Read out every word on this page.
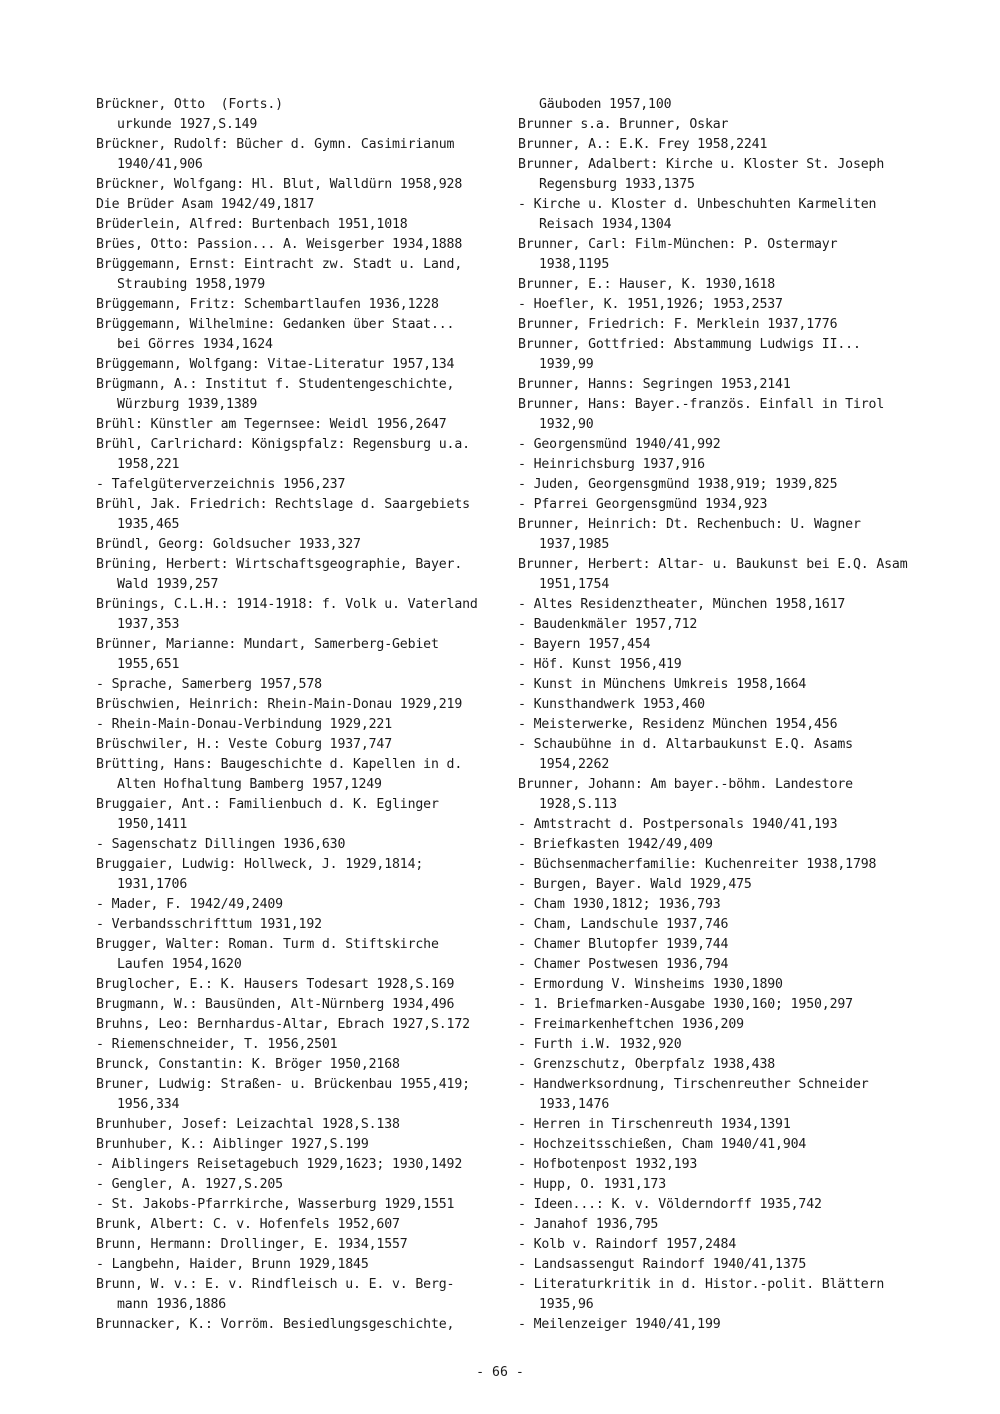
Brückner, Otto  (Forts.)
urkunde 1927,S.149
Brückner, Rudolf: Bücher d. Gymn. Casimirianum
1940/41,906
Brückner, Wolfgang: Hl. Blut, Walldürn 1958,928
Die Brüder Asam 1942/49,1817
Brüderlein, Alfred: Burtenbach 1951,1018
Brües, Otto: Passion... A. Weisgerber 1934,1888
Brüggemann, Ernst: Eintracht zw. Stadt u. Land,
Straubing 1958,1979
Brüggemann, Fritz: Schembartlaufen 1936,1228
Brüggemann, Wilhelmine: Gedanken über Staat...
bei Görres 1934,1624
Brüggemann, Wolfgang: Vitae-Literatur 1957,134
Brügmann, A.: Institut f. Studentengeschichte,
Würzburg 1939,1389
Brühl: Künstler am Tegernsee: Weidl 1956,2647
Brühl, Carlrichard: Königspfalz: Regensburg u.a.
1958,221
- Tafelgüterverzeichnis 1956,237
Brühl, Jak. Friedrich: Rechtslage d. Saargebiets
1935,465
Bründl, Georg: Goldsucher 1933,327
Brüning, Herbert: Wirtschaftsgeographie, Bayer.
Wald 1939,257
Brünings, C.L.H.: 1914-1918: f. Volk u. Vaterland
1937,353
Brünner, Marianne: Mundart, Samerberg-Gebiet
1955,651
- Sprache, Samerberg 1957,578
Brüschwien, Heinrich: Rhein-Main-Donau 1929,219
- Rhein-Main-Donau-Verbindung 1929,221
Brüschwiler, H.: Veste Coburg 1937,747
Brütting, Hans: Baugeschichte d. Kapellen in d.
Alten Hofhaltung Bamberg 1957,1249
Bruggaier, Ant.: Familienbuch d. K. Eglinger
1950,1411
- Sagenschatz Dillingen 1936,630
Bruggaier, Ludwig: Hollweck, J. 1929,1814;
1931,1706
- Mader, F. 1942/49,2409
- Verbandsschrifttum 1931,192
Brugger, Walter: Roman. Turm d. Stiftskirche
Laufen 1954,1620
Bruglocher, E.: K. Hausers Todesart 1928,S.169
Brugmann, W.: Bausünden, Alt-Nürnberg 1934,496
Bruhns, Leo: Bernhardus-Altar, Ebrach 1927,S.172
- Riemenschneider, T. 1956,2501
Brunck, Constantin: K. Bröger 1950,2168
Bruner, Ludwig: Straßen- u. Brückenbau 1955,419;
1956,334
Brunhuber, Josef: Leizachtal 1928,S.138
Brunhuber, K.: Aiblinger 1927,S.199
- Aiblingers Reisetagebuch 1929,1623; 1930,1492
- Gengler, A. 1927,S.205
- St. Jakobs-Pfarrkirche, Wasserburg 1929,1551
Brunk, Albert: C. v. Hofenfels 1952,607
Brunn, Hermann: Drollinger, E. 1934,1557
- Langbehn, Haider, Brunn 1929,1845
Brunn, W. v.: E. v. Rindfleisch u. E. v. Berg-
mann 1936,1886
Brunnacker, K.: Vorröm. Besiedlungsgeschichte,
Gäuboden 1957,100
Brunner s.a. Brunner, Oskar
Brunner, A.: E.K. Frey 1958,2241
Brunner, Adalbert: Kirche u. Kloster St. Joseph
Regensburg 1933,1375
- Kirche u. Kloster d. Unbeschuhten Karmeliten
Reisach 1934,1304
Brunner, Carl: Film-München: P. Ostermayr
1938,1195
Brunner, E.: Hauser, K. 1930,1618
- Hoefler, K. 1951,1926; 1953,2537
Brunner, Friedrich: F. Merklein 1937,1776
Brunner, Gottfried: Abstammung Ludwigs II...
1939,99
Brunner, Hanns: Segringen 1953,2141
Brunner, Hans: Bayer.-französ. Einfall in Tirol
1932,90
- Georgensmünd 1940/41,992
- Heinrichsburg 1937,916
- Juden, Georgensgmünd 1938,919; 1939,825
- Pfarrei Georgensgmünd 1934,923
Brunner, Heinrich: Dt. Rechenbuch: U. Wagner
1937,1985
Brunner, Herbert: Altar- u. Baukunst bei E.Q. Asam
1951,1754
- Altes Residenztheater, München 1958,1617
- Baudenkmäler 1957,712
- Bayern 1957,454
- Höf. Kunst 1956,419
- Kunst in Münchens Umkreis 1958,1664
- Kunsthandwerk 1953,460
- Meisterwerke, Residenz München 1954,456
- Schaubühne in d. Altarbaukunst E.Q. Asams
1954,2262
Brunner, Johann: Am bayer.-böhm. Landestore
1928,S.113
- Amtstracht d. Postpersonals 1940/41,193
- Briefkasten 1942/49,409
- Büchsenmacherfamilie: Kuchenreiter 1938,1798
- Burgen, Bayer. Wald 1929,475
- Cham 1930,1812; 1936,793
- Cham, Landschule 1937,746
- Chamer Blutopfer 1939,744
- Chamer Postwesen 1936,794
- Ermordung V. Winsheims 1930,1890
- 1. Briefmarken-Ausgabe 1930,160; 1950,297
- Freimarkenheftchen 1936,209
- Furth i.W. 1932,920
- Grenzschutz, Oberpfalz 1938,438
- Handwerksordnung, Tirschenreuther Schneider
1933,1476
- Herren in Tirschenreuth 1934,1391
- Hochzeitsschießen, Cham 1940/41,904
- Hofbotenpost 1932,193
- Hupp, O. 1931,173
- Ideen...: K. v. Völderndorff 1935,742
- Janahof 1936,795
- Kolb v. Raindorf 1957,2484
- Landsassengut Raindorf 1940/41,1375
- Literaturkritik in d. Histor.-polit. Blättern
1935,96
- Meilenzeiger 1940/41,199
- 66 -
